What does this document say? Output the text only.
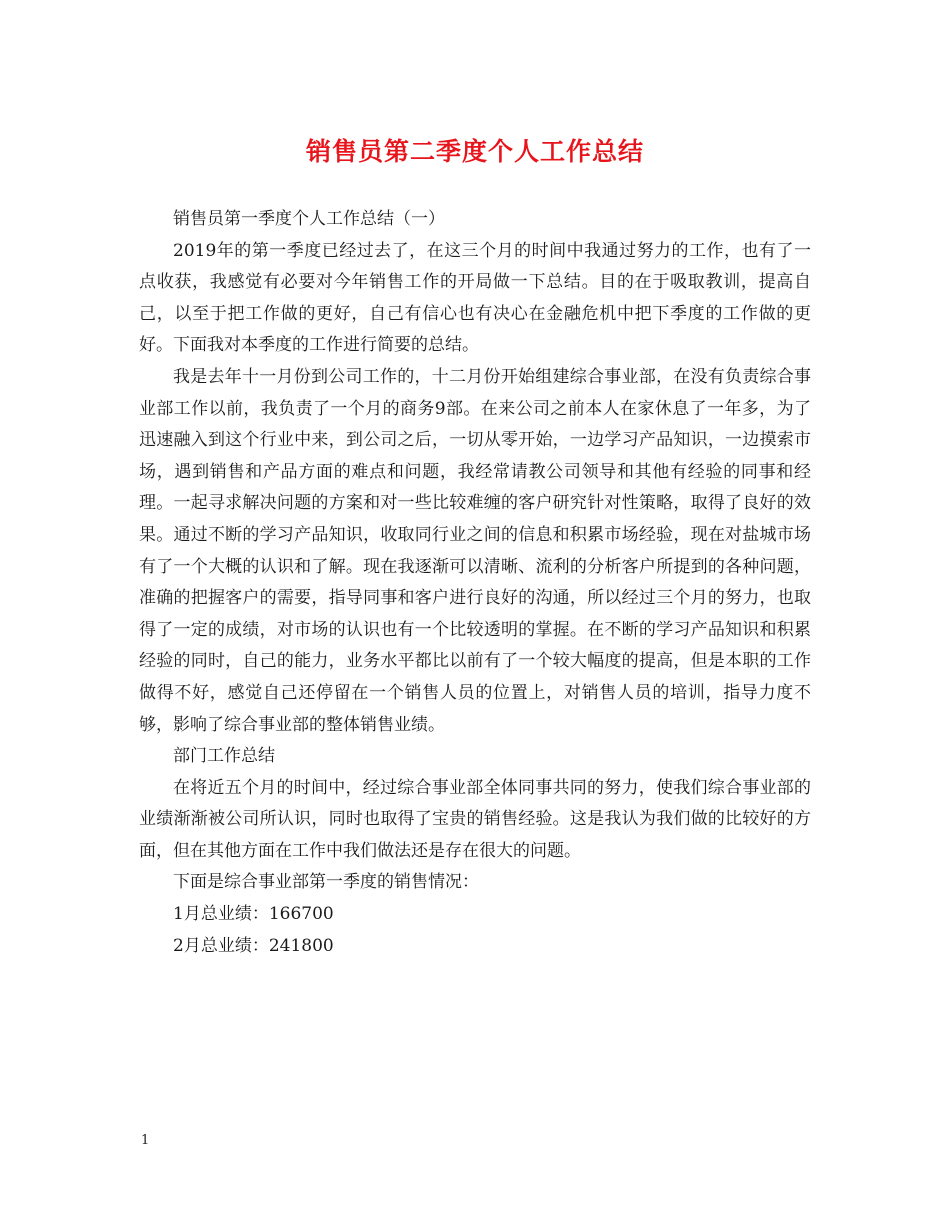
销售员第二季度个人工作总结

销售员第一季度个人工作总结（一）

2019年的第一季度已经过去了，在这三个月的时间中我通过努力的工作，也有了一点收获，我感觉有必要对今年销售工作的开局做一下总结。目的在于吸取教训，提高自己，以至于把工作做的更好，自己有信心也有决心在金融危机中把下季度的工作做的更好。下面我对本季度的工作进行简要的总结。

我是去年十一月份到公司工作的，十二月份开始组建综合事业部，在没有负责综合事业部工作以前，我负责了一个月的商务9部。在来公司之前本人在家休息了一年多，为了迅速融入到这个行业中来，到公司之后，一切从零开始，一边学习产品知识，一边摸索市场，遇到销售和产品方面的难点和问题，我经常请教公司领导和其他有经验的同事和经理。一起寻求解决问题的方案和对一些比较难缠的客户研究针对性策略，取得了良好的效果。通过不断的学习产品知识，收取同行业之间的信息和积累市场经验，现在对盐城市场有了一个大概的认识和了解。现在我逐渐可以清晰、流利的分析客户所提到的各种问题，准确的把握客户的需要，指导同事和客户进行良好的沟通，所以经过三个月的努力，也取得了一定的成绩，对市场的认识也有一个比较透明的掌握。在不断的学习产品知识和积累经验的同时，自己的能力，业务水平都比以前有了一个较大幅度的提高，但是本职的工作做得不好，感觉自己还停留在一个销售人员的位置上，对销售人员的培训，指导力度不够，影响了综合事业部的整体销售业绩。

部门工作总结

在将近五个月的时间中，经过综合事业部全体同事共同的努力，使我们综合事业部的业绩渐渐被公司所认识，同时也取得了宝贵的销售经验。这是我认为我们做的比较好的方面，但在其他方面在工作中我们做法还是存在很大的问题。

下面是综合事业部第一季度的销售情况：

1月总业绩：166700

2月总业绩：241800

1
